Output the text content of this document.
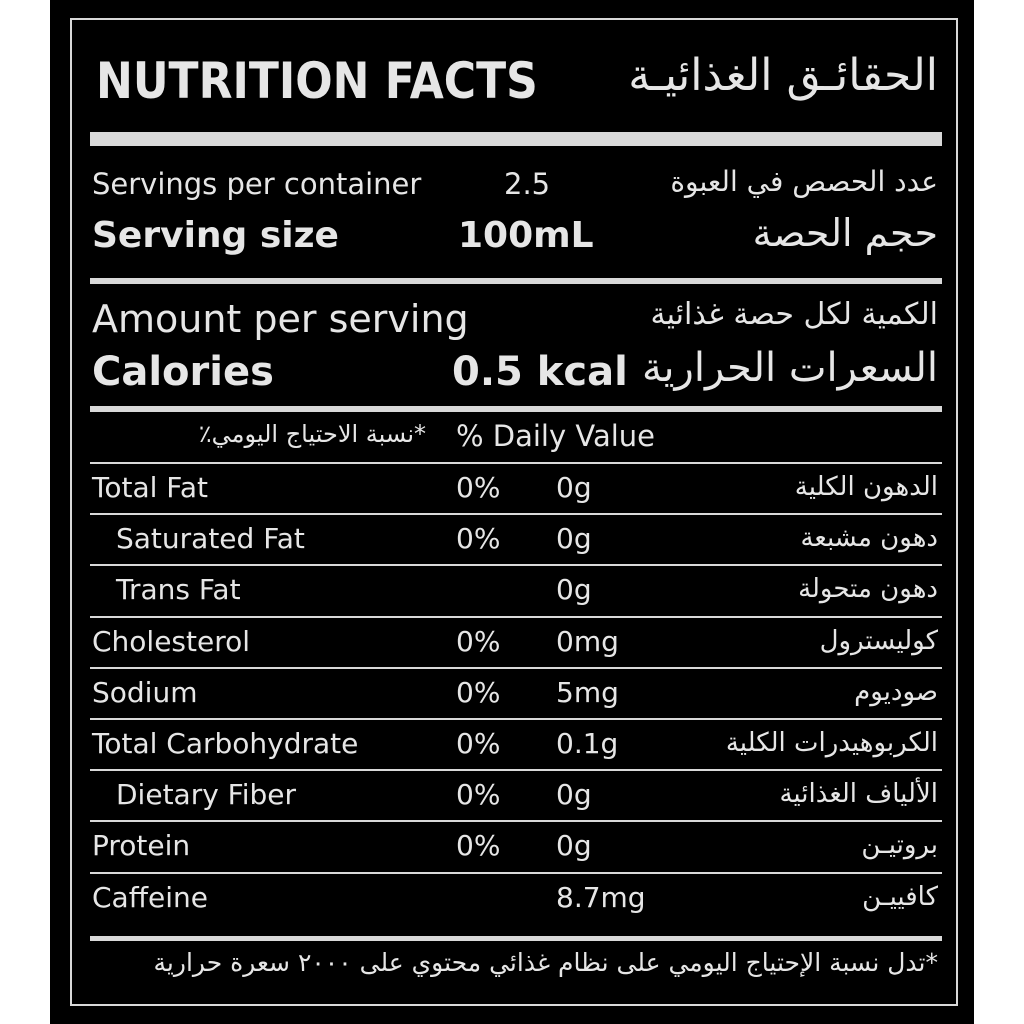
NUTRITION FACTS الحقائـق الغذائيـة
Servings per container	2.5	عدد الحصص في العبوة
Serving size	100mL	حجم الحصة
Amount per serving	الكمية لكل حصة غذائية
Calories	0.5 kcal السعرات الحرارية
*نسبة الاحتياج اليومي٪ % Daily Value
Total Fat	0% 0g	الدهون الكلية
Saturated Fat	0% 0g	دهون مشبعة
Trans Fat	0g	دهون متحولة
Cholesterol	0% 0mg	كوليسترول
Sodium	0% 5mg	صوديوم
Total Carbohydrate	0% 0.1g	الكربوهيدرات الكلية
Dietary Fiber	0% 0g	الألياف الغذائية
Protein	0% 0g	بروتيـن
Caffeine	8.7mg	كافييـن
*تدل نسبة الإحتياج اليومي على نظام غذائي محتوي على ٢٠٠٠ سعرة حرارية
